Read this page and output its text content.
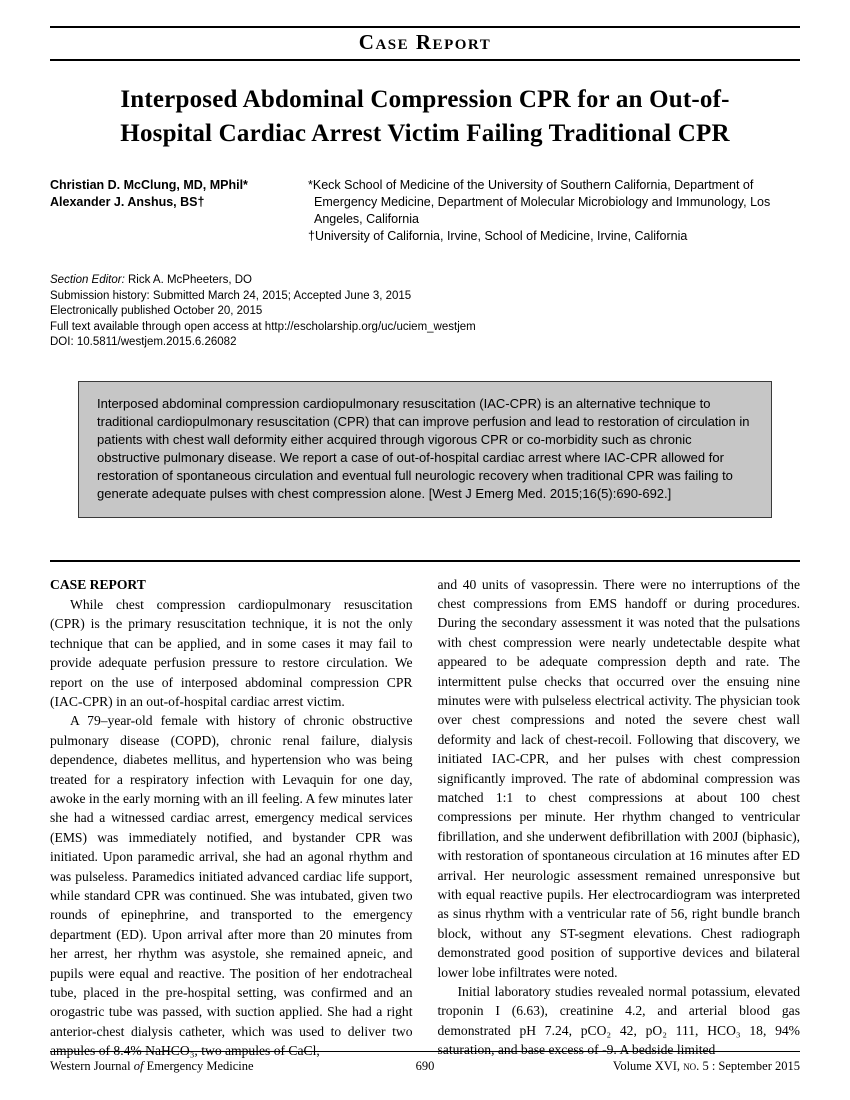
Case Report
Interposed Abdominal Compression CPR for an Out-of-
Hospital Cardiac Arrest Victim Failing Traditional CPR
Christian D. McClung, MD, MPhil*
Alexander J. Anshus, BS†

*Keck School of Medicine of the University of Southern California, Department of Emergency Medicine, Department of Molecular Microbiology and Immunology, Los Angeles, California

†University of California, Irvine, School of Medicine, Irvine, California

Section Editor: Rick A. McPheeters, DO
Submission history: Submitted March 24, 2015; Accepted June 3, 2015
Electronically published October 20, 2015
Full text available through open access at http://escholarship.org/uc/uciem_westjem
DOI: 10.5811/westjem.2015.6.26082
Interposed abdominal compression cardiopulmonary resuscitation (IAC-CPR) is an alternative technique to traditional cardiopulmonary resuscitation (CPR) that can improve perfusion and lead to restoration of circulation in patients with chest wall deformity either acquired through vigorous CPR or co-morbidity such as chronic obstructive pulmonary disease. We report a case of out-of-hospital cardiac arrest where IAC-CPR allowed for restoration of spontaneous circulation and eventual full neurologic recovery when traditional CPR was failing to generate adequate pulses with chest compression alone. [West J Emerg Med. 2015;16(5):690-692.]
CASE REPORT

While chest compression cardiopulmonary resuscitation (CPR) is the primary resuscitation technique, it is not the only technique that can be applied, and in some cases it may fail to provide adequate perfusion pressure to restore circulation. We report on the use of interposed abdominal compression CPR (IAC-CPR) in an out-of-hospital cardiac arrest victim.

A 79–year-old female with history of chronic obstructive pulmonary disease (COPD), chronic renal failure, dialysis dependence, diabetes mellitus, and hypertension who was being treated for a respiratory infection with Levaquin for one day, awoke in the early morning with an ill feeling. A few minutes later she had a witnessed cardiac arrest, emergency medical services (EMS) was immediately notified, and bystander CPR was initiated. Upon paramedic arrival, she had an agonal rhythm and was pulseless. Paramedics initiated advanced cardiac life support, while standard CPR was continued. She was intubated, given two rounds of epinephrine, and transported to the emergency department (ED). Upon arrival after more than 20 minutes from her arrest, her rhythm was asystole, she remained apneic, and pupils were equal and reactive. The position of her endotracheal tube, placed in the pre-hospital setting, was confirmed and an orogastric tube was passed, with suction applied. She had a right anterior-chest dialysis catheter, which was used to deliver two ampules of 8.4% NaHCO₃, two ampules of CaCl,

and 40 units of vasopressin. There were no interruptions of the chest compressions from EMS handoff or during procedures. During the secondary assessment it was noted that the pulsations with chest compression were nearly undetectable despite what appeared to be adequate compression depth and rate. The intermittent pulse checks that occurred over the ensuing nine minutes were with pulseless electrical activity. The physician took over chest compressions and noted the severe chest wall deformity and lack of chest-recoil. Following that discovery, we initiated IAC-CPR, and her pulses with chest compression significantly improved. The rate of abdominal compression was matched 1:1 to chest compressions at about 100 chest compressions per minute. Her rhythm changed to ventricular fibrillation, and she underwent defibrillation with 200J (biphasic), with restoration of spontaneous circulation at 16 minutes after ED arrival. Her neurologic assessment remained unresponsive but with equal reactive pupils. Her electrocardiogram was interpreted as sinus rhythm with a ventricular rate of 56, right bundle branch block, without any ST-segment elevations. Chest radiograph demonstrated good position of supportive devices and bilateral lower lobe infiltrates were noted.

Initial laboratory studies revealed normal potassium, elevated troponin I (6.63), creatinine 4.2, and arterial blood gas demonstrated pH 7.24, pCO₂ 42, pO₂ 111, HCO₃ 18, 94% saturation, and base excess of -9. A bedside limited

Western Journal of Emergency Medicine	690	Volume XVI, no. 5 : September 2015
